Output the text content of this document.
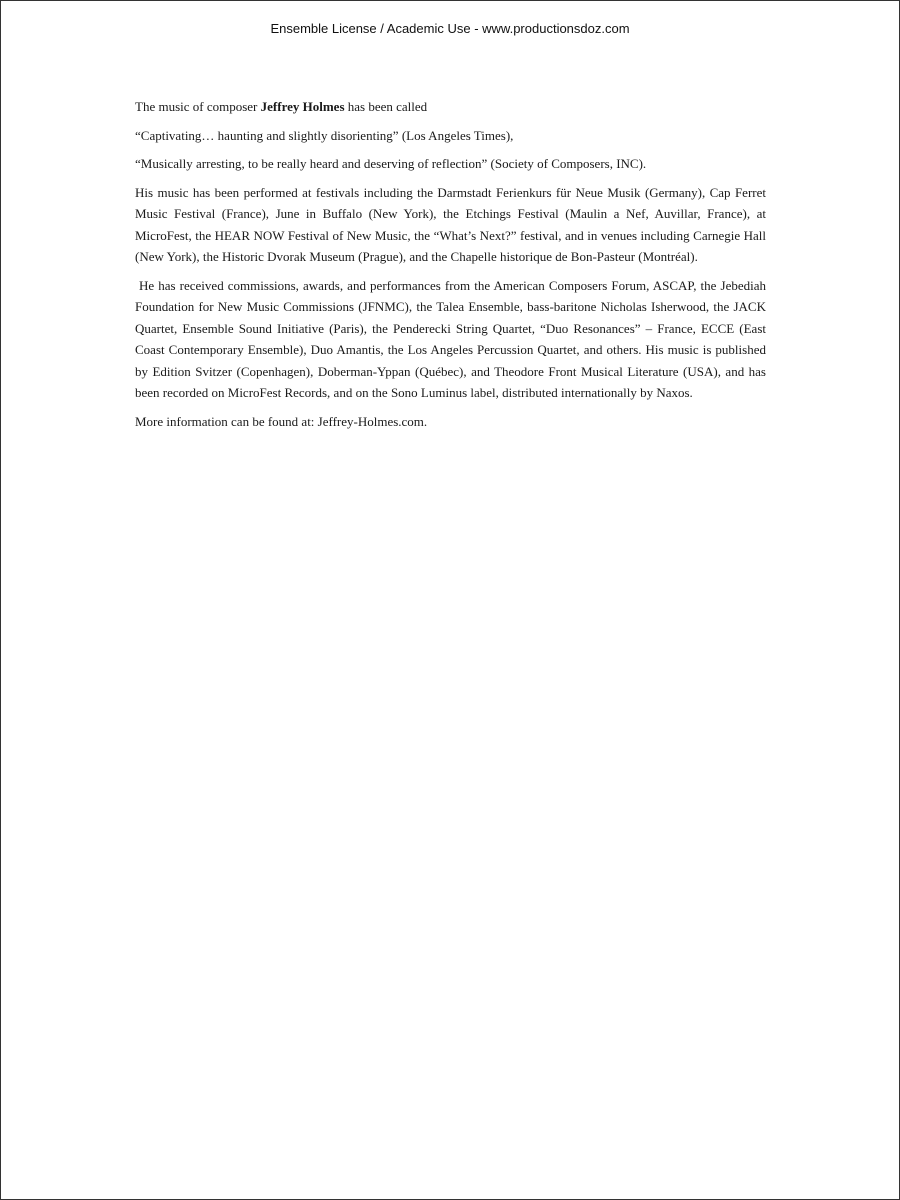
Ensemble License / Academic Use - www.productionsdoz.com

The music of composer Jeffrey Holmes has been called

“Captivating… haunting and slightly disorienting” (Los Angeles Times),

“Musically arresting, to be really heard and deserving of reflection” (Society of Composers, INC).

His music has been performed at festivals including the Darmstadt Ferienkurs für Neue Musik (Germany), Cap Ferret Music Festival (France), June in Buffalo (New York), the Etchings Festival (Maulin a Nef, Auvillar, France), at MicroFest, the HEAR NOW Festival of New Music, the “What’s Next?” festival, and in venues including Carnegie Hall (New York), the Historic Dvorak Museum (Prague), and the Chapelle historique de Bon-Pasteur (Montréal).

He has received commissions, awards, and performances from the American Composers Forum, ASCAP, the Jebediah Foundation for New Music Commissions (JFNMC), the Talea Ensemble, bass-baritone Nicholas Isherwood, the JACK Quartet, Ensemble Sound Initiative (Paris), the Penderecki String Quartet, “Duo Resonances” – France, ECCE (East Coast Contemporary Ensemble), Duo Amantis, the Los Angeles Percussion Quartet, and others. His music is published by Edition Svitzer (Copenhagen), Doberman-Yppan (Québec), and Theodore Front Musical Literature (USA), and has been recorded on MicroFest Records, and on the Sono Luminus label, distributed internationally by Naxos.

More information can be found at: Jeffrey-Holmes.com.
